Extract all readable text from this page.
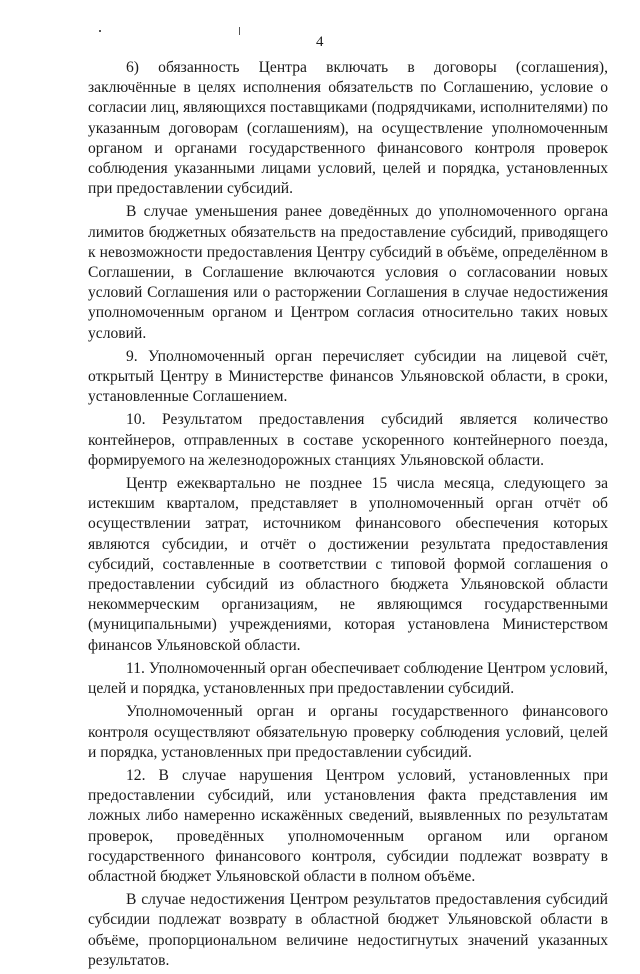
4

6) обязанность Центра включать в договоры (соглашения), заключённые в целях исполнения обязательств по Соглашению, условие о согласии лиц, являющихся поставщиками (подрядчиками, исполнителями) по указанным договорам (соглашениям), на осуществление уполномоченным органом и органами государственного финансового контроля проверок соблюдения указанными лицами условий, целей и порядка, установленных при предоставлении субсидий.

В случае уменьшения ранее доведённых до уполномоченного органа лимитов бюджетных обязательств на предоставление субсидий, приводящего к невозможности предоставления Центру субсидий в объёме, определённом в Соглашении, в Соглашение включаются условия о согласовании новых условий Соглашения или о расторжении Соглашения в случае недостижения уполномоченным органом и Центром согласия относительно таких новых условий.

9. Уполномоченный орган перечисляет субсидии на лицевой счёт, открытый Центру в Министерстве финансов Ульяновской области, в сроки, установленные Соглашением.

10. Результатом предоставления субсидий является количество контейнеров, отправленных в составе ускоренного контейнерного поезда, формируемого на железнодорожных станциях Ульяновской области.

Центр ежеквартально не позднее 15 числа месяца, следующего за истекшим кварталом, представляет в уполномоченный орган отчёт об осуществлении затрат, источником финансового обеспечения которых являются субсидии, и отчёт о достижении результата предоставления субсидий, составленные в соответствии с типовой формой соглашения о предоставлении субсидий из областного бюджета Ульяновской области некоммерческим организациям, не являющимся государственными (муниципальными) учреждениями, которая установлена Министерством финансов Ульяновской области.

11. Уполномоченный орган обеспечивает соблюдение Центром условий, целей и порядка, установленных при предоставлении субсидий.

Уполномоченный орган и органы государственного финансового контроля осуществляют обязательную проверку соблюдения условий, целей и порядка, установленных при предоставлении субсидий.

12. В случае нарушения Центром условий, установленных при предоставлении субсидий, или установления факта представления им ложных либо намеренно искажённых сведений, выявленных по результатам проверок, проведённых уполномоченным органом или органом государственного финансового контроля, субсидии подлежат возврату в областной бюджет Ульяновской области в полном объёме.

В случае недостижения Центром результатов предоставления субсидий субсидии подлежат возврату в областной бюджет Ульяновской области в объёме, пропорциональном величине недостигнутых значений указанных результатов.
